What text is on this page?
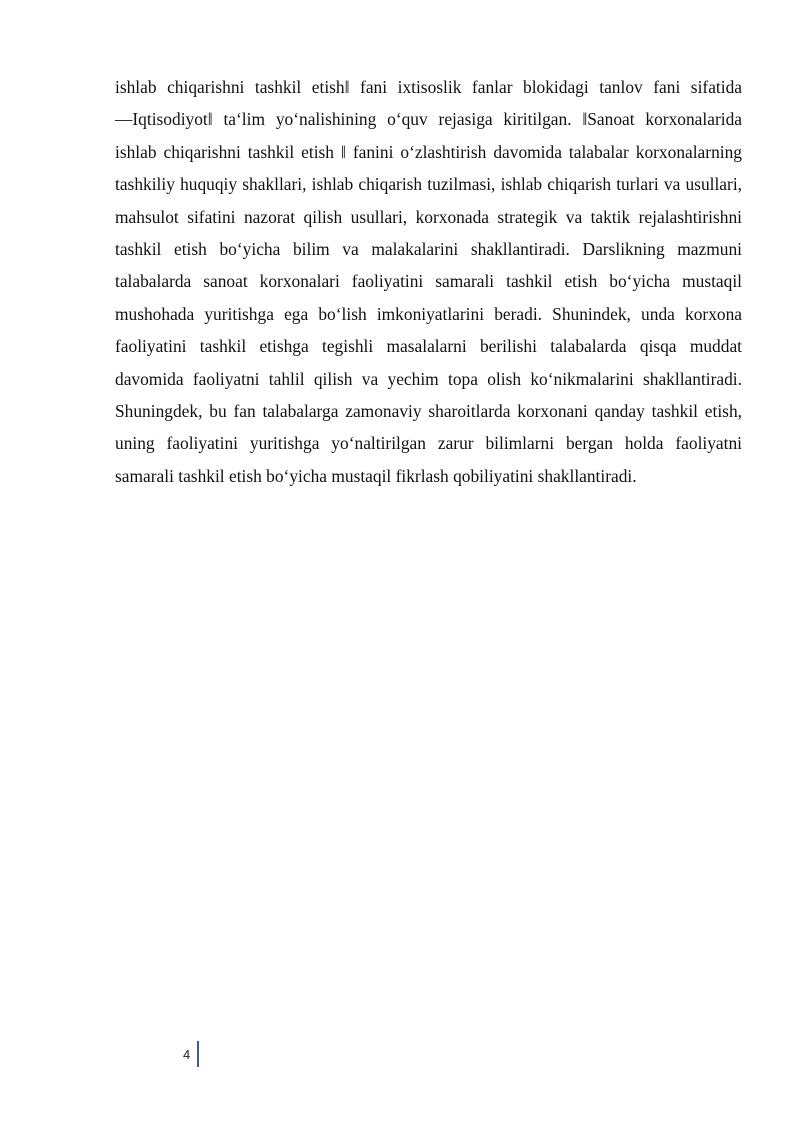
ishlab chiqarishni tashkil etish‖ fani ixtisoslik fanlar blokidagi tanlov fani sifatida ―Iqtisodiyot‖ ta‘lim yo‘nalishining o‘quv rejasiga kiritilgan. ‖Sanoat korxonalarida ishlab chiqarishni tashkil etish ‖ fanini o‘zlashtirish davomida talabalar korxonalarning tashkiliy huquqiy shakllari, ishlab chiqarish tuzilmasi, ishlab chiqarish turlari va usullari, mahsulot sifatini nazorat qilish usullari, korxonada strategik va taktik rejalashtirishni tashkil etish bo‘yicha bilim va malakalarini shakllantiradi. Darslikning mazmuni talabalarda sanoat korxonalari faoliyatini samarali tashkil etish bo‘yicha mustaqil mushohada yuritishga ega bo‘lish imkoniyatlarini beradi. Shunindek, unda korxona faoliyatini tashkil etishga tegishli masalalarni berilishi talabalarda qisqa muddat davomida faoliyatni tahlil qilish va yechim topa olish ko‘nikmalarini shakllantiradi. Shuningdek, bu fan talabalarga zamonaviy sharoitlarda korxonani qanday tashkil etish, uning faoliyatini yuritishga yo‘naltirilgan zarur bilimlarni bergan holda faoliyatni samarali tashkil etish bo‘yicha mustaqil fikrlash qobiliyatini shakllantiradi.

4
